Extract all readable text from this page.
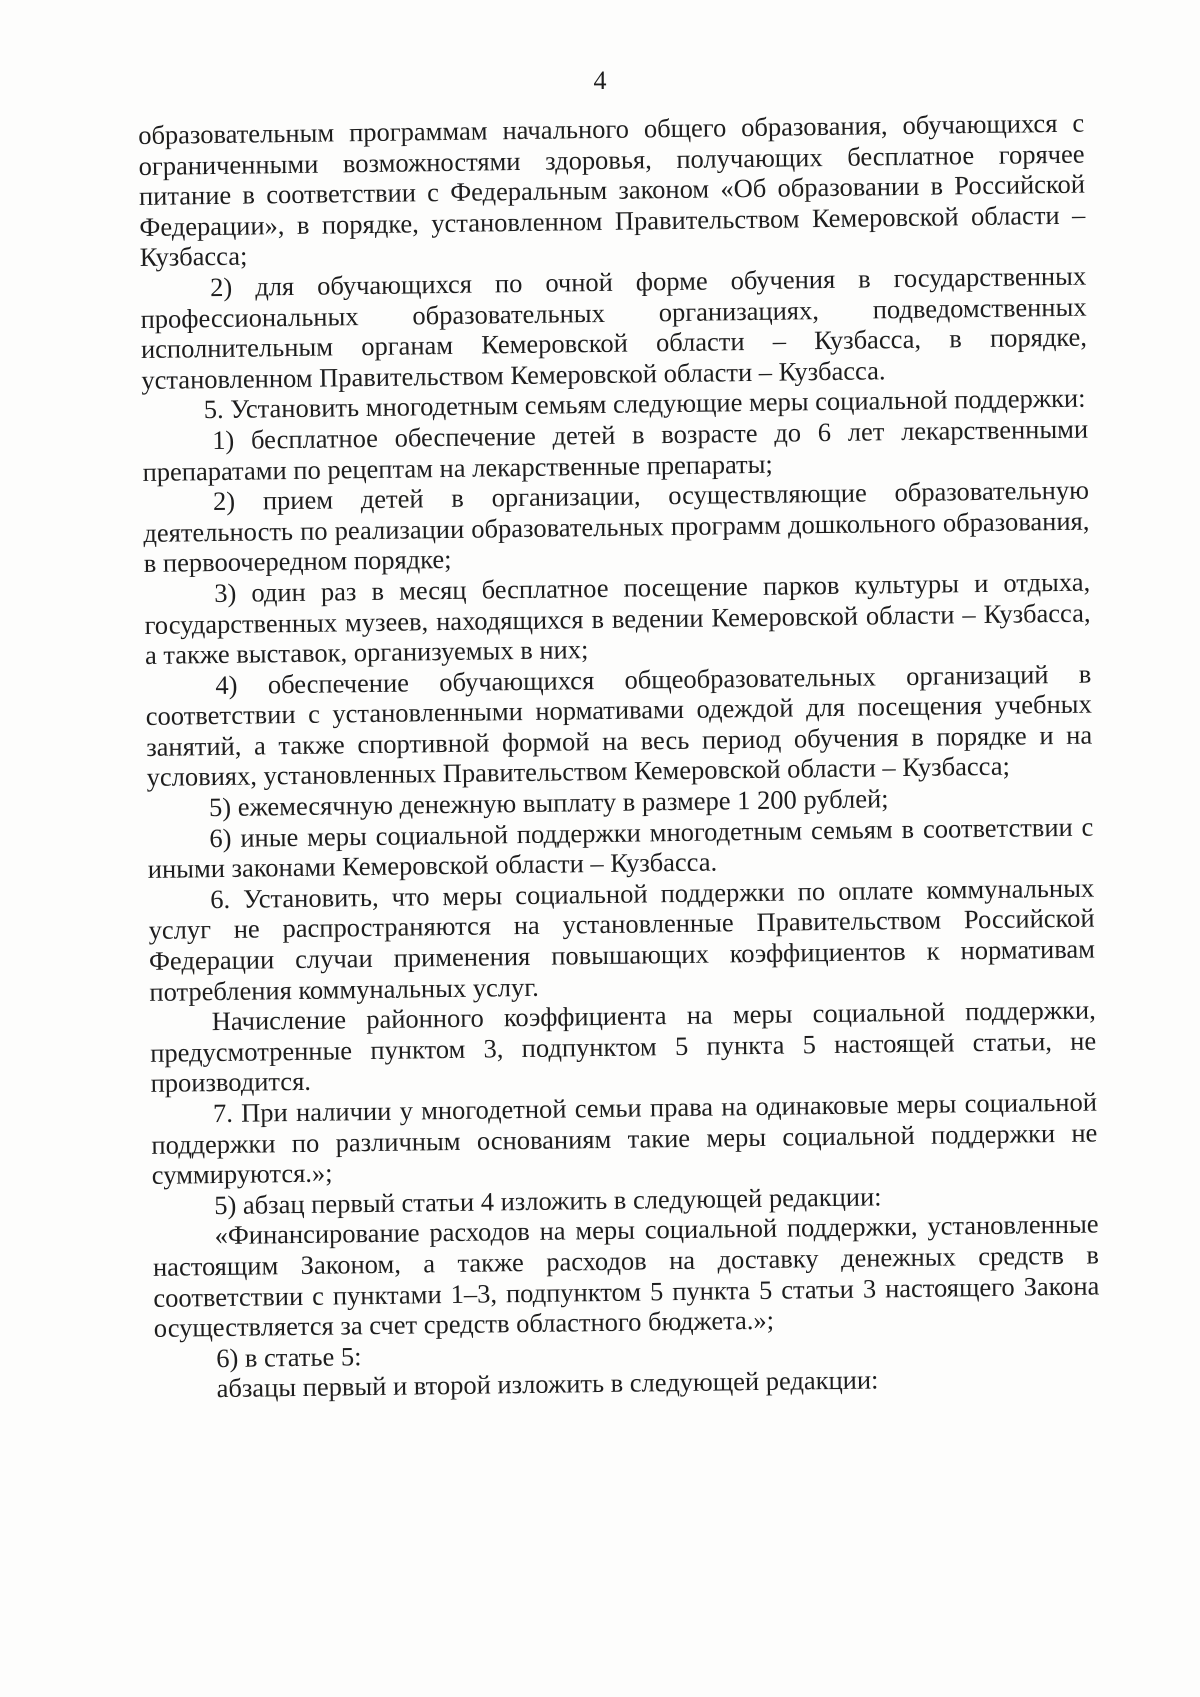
4

образовательным программам начального общего образования, обучающихся с ограниченными возможностями здоровья, получающих бесплатное горячее питание в соответствии с Федеральным законом «Об образовании в Российской Федерации», в порядке, установленном Правительством Кемеровской области – Кузбасса;

2) для обучающихся по очной форме обучения в государственных профессиональных образовательных организациях, подведомственных исполнительным органам Кемеровской области – Кузбасса, в порядке, установленном Правительством Кемеровской области – Кузбасса.

5. Установить многодетным семьям следующие меры социальной поддержки:

1) бесплатное обеспечение детей в возрасте до 6 лет лекарственными препаратами по рецептам на лекарственные препараты;

2) прием детей в организации, осуществляющие образовательную деятельность по реализации образовательных программ дошкольного образования, в первоочередном порядке;

3) один раз в месяц бесплатное посещение парков культуры и отдыха, государственных музеев, находящихся в ведении Кемеровской области – Кузбасса, а также выставок, организуемых в них;

4) обеспечение обучающихся общеобразовательных организаций в соответствии с установленными нормативами одеждой для посещения учебных занятий, а также спортивной формой на весь период обучения в порядке и на условиях, установленных Правительством Кемеровской области – Кузбасса;

5) ежемесячную денежную выплату в размере 1 200 рублей;

6) иные меры социальной поддержки многодетным семьям в соответствии с иными законами Кемеровской области – Кузбасса.

6. Установить, что меры социальной поддержки по оплате коммунальных услуг не распространяются на установленные Правительством Российской Федерации случаи применения повышающих коэффициентов к нормативам потребления коммунальных услуг.

Начисление районного коэффициента на меры социальной поддержки, предусмотренные пунктом 3, подпунктом 5 пункта 5 настоящей статьи, не производится.

7. При наличии у многодетной семьи права на одинаковые меры социальной поддержки по различным основаниям такие меры социальной поддержки не суммируются.»;

5) абзац первый статьи 4 изложить в следующей редакции:

«Финансирование расходов на меры социальной поддержки, установленные настоящим Законом, а также расходов на доставку денежных средств в соответствии с пунктами 1–3, подпунктом 5 пункта 5 статьи 3 настоящего Закона осуществляется за счет средств областного бюджета.»;

6) в статье 5:

абзацы первый и второй изложить в следующей редакции:
